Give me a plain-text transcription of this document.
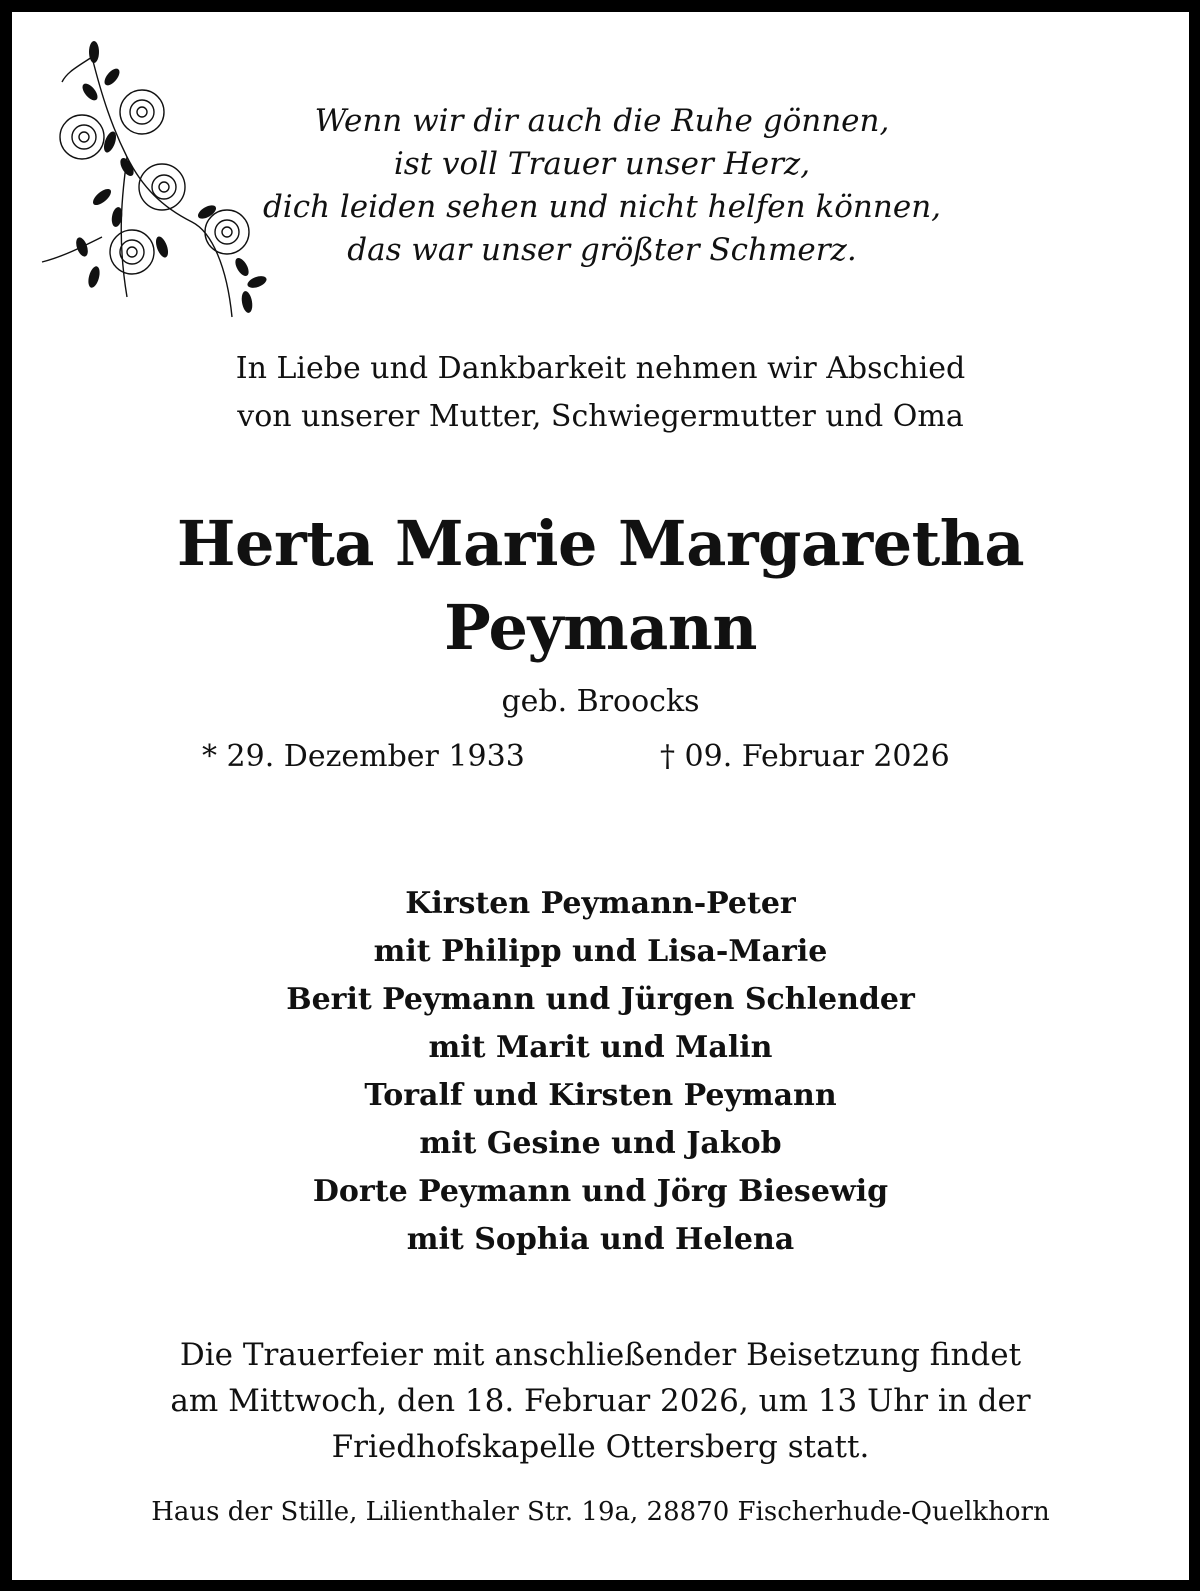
Wenn wir dir auch die Ruhe gönnen,
ist voll Trauer unser Herz,
dich leiden sehen und nicht helfen können,
das war unser größter Schmerz.
In Liebe und Dankbarkeit nehmen wir Abschied
von unserer Mutter, Schwiegermutter und Oma
Herta Marie Margaretha
Peymann
geb. Broocks
* 29. Dezember 1933	† 09. Februar 2026
Kirsten Peymann-Peter
mit Philipp und Lisa-Marie
Berit Peymann und Jürgen Schlender
mit Marit und Malin
Toralf und Kirsten Peymann
mit Gesine und Jakob
Dorte Peymann und Jörg Biesewig
mit Sophia und Helena
Die Trauerfeier mit anschließender Beisetzung findet
am Mittwoch, den 18. Februar 2026, um 13 Uhr in der
Friedhofskapelle Ottersberg statt.
Haus der Stille, Lilienthaler Str. 19a, 28870 Fischerhude-Quelkhorn
